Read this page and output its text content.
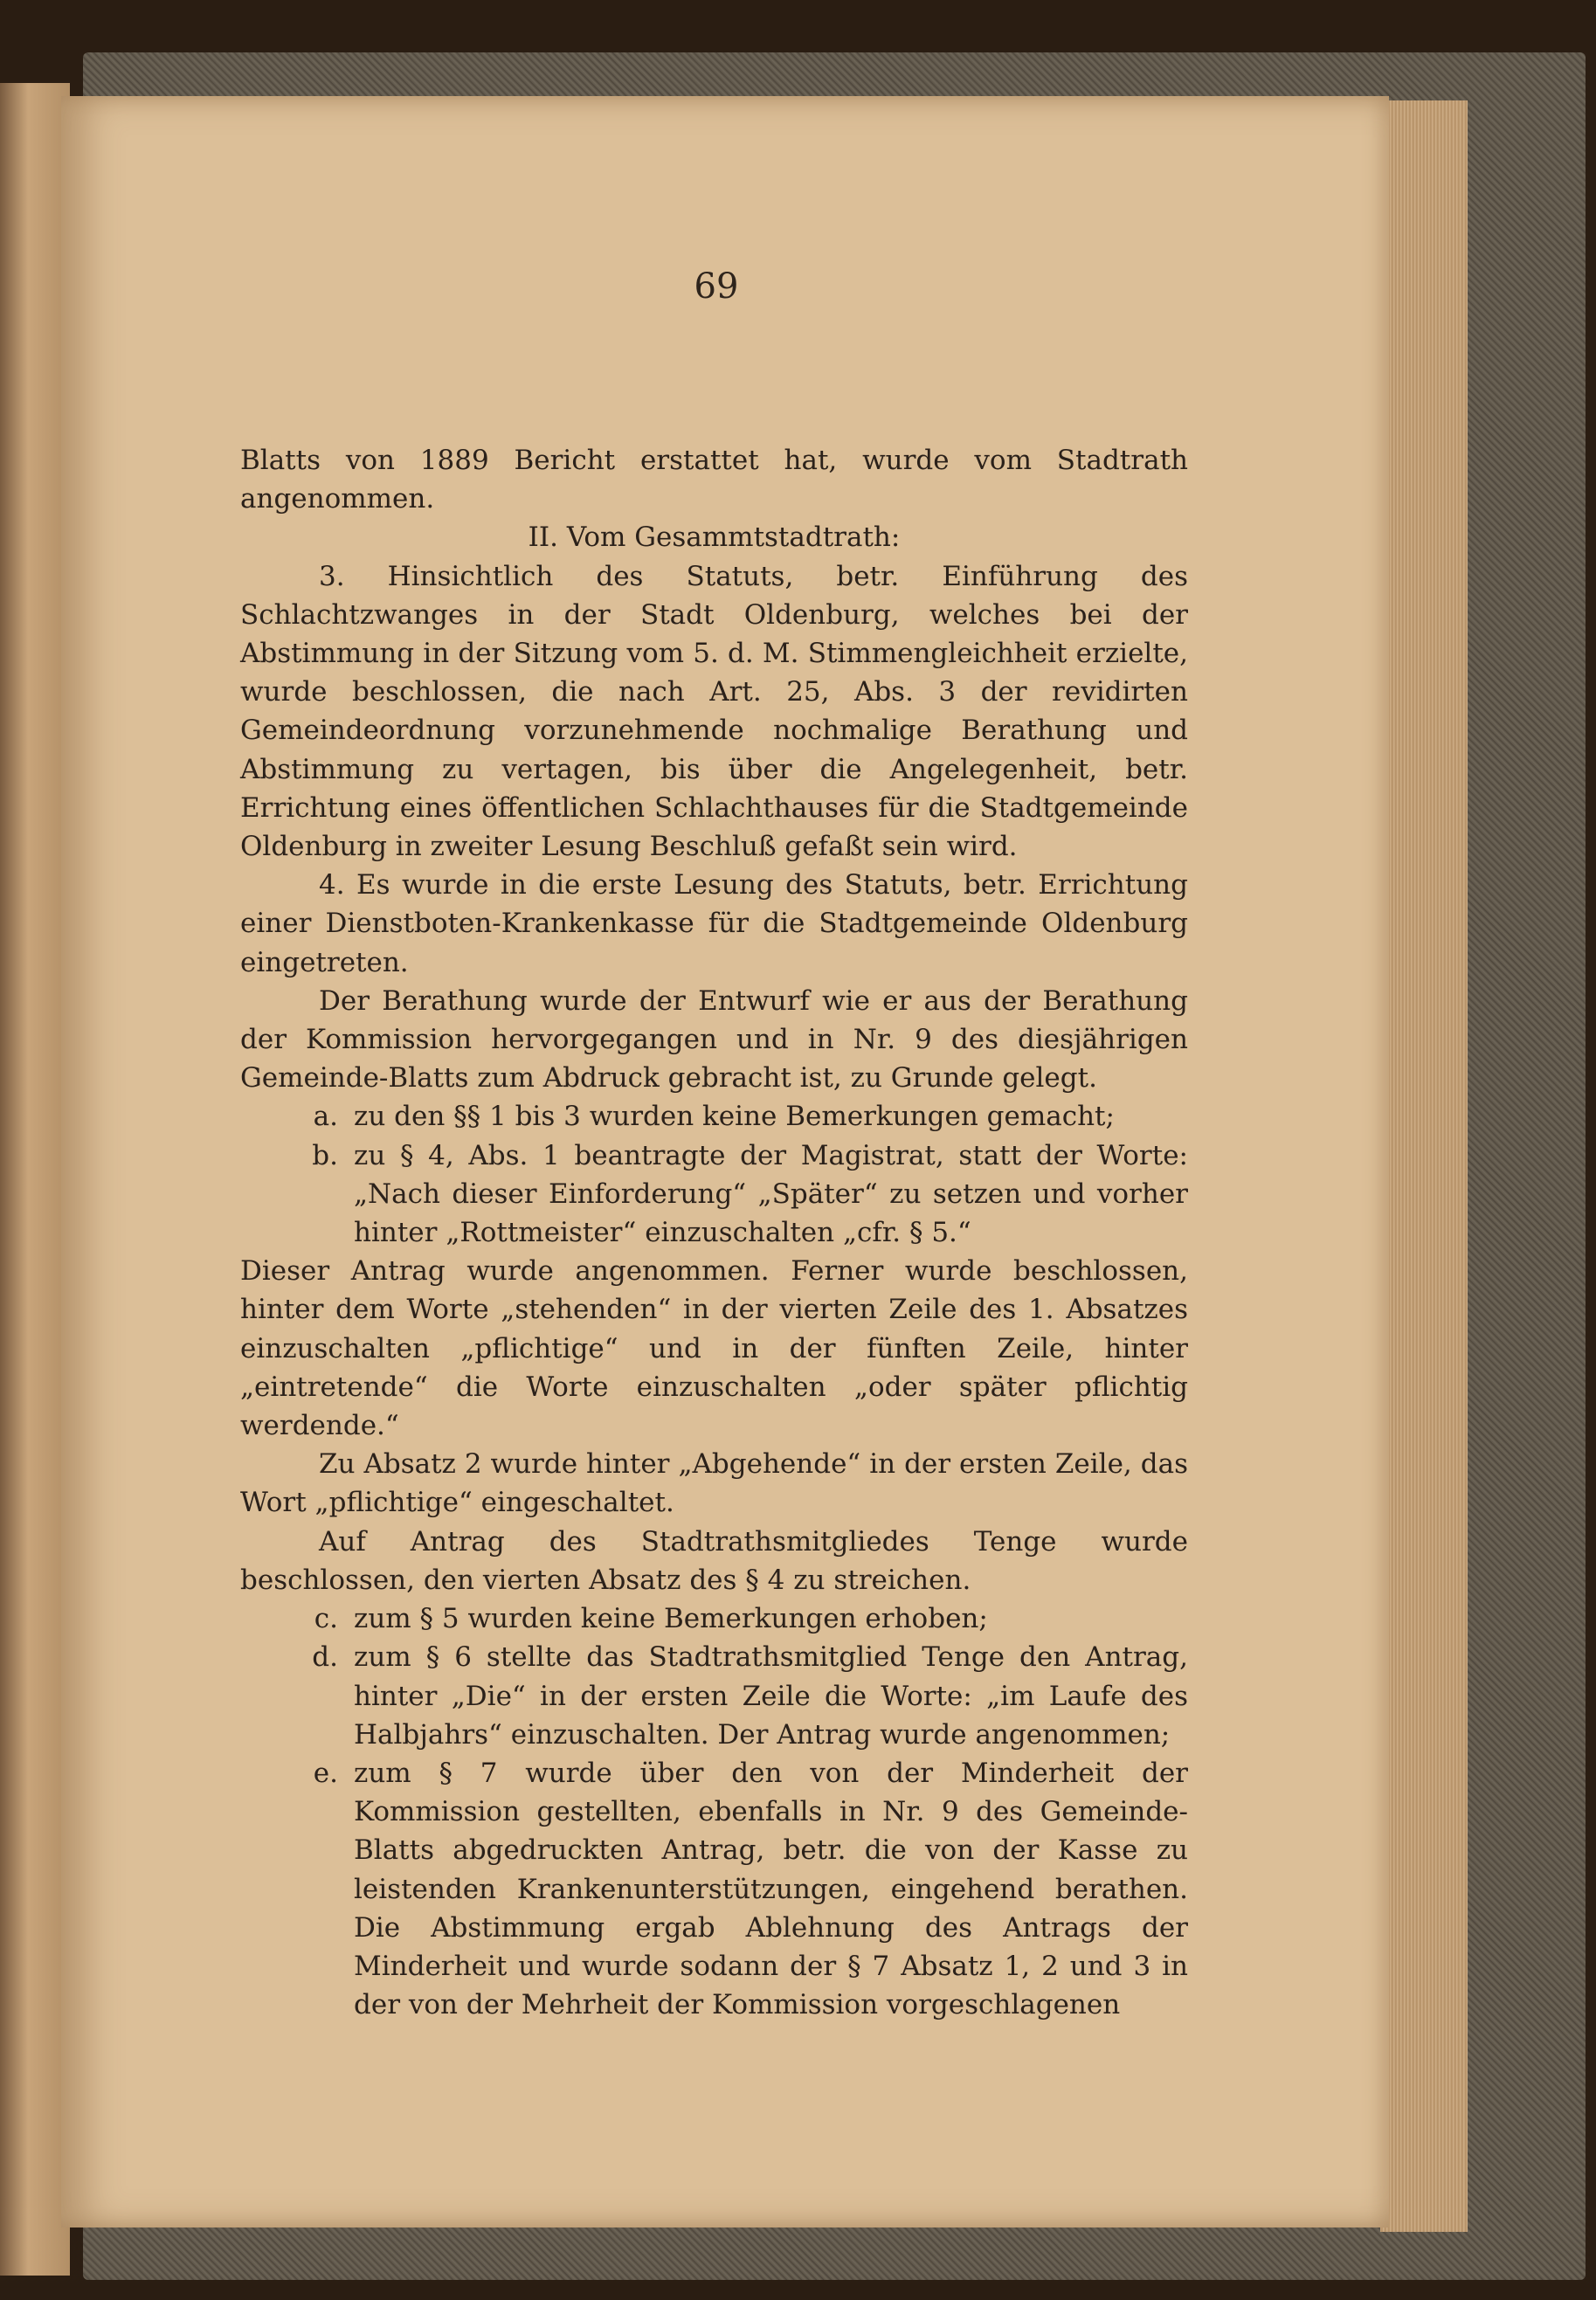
69

Blatts von 1889 Bericht erstattet hat, wurde vom Stadtrath angenommen.

II. Vom Gesammtstadtrath:

3. Hinsichtlich des Statuts, betr. Einführung des Schlachtzwanges in der Stadt Oldenburg, welches bei der Abstimmung in der Sitzung vom 5. d. M. Stimmengleichheit erzielte, wurde beschlossen, die nach Art. 25, Abs. 3 der revidirten Gemeindeordnung vorzunehmende nochmalige Berathung und Abstimmung zu vertagen, bis über die Angelegenheit, betr. Errichtung eines öffentlichen Schlachthauses für die Stadtgemeinde Oldenburg in zweiter Lesung Beschluß gefaßt sein wird.

4. Es wurde in die erste Lesung des Statuts, betr. Errichtung einer Dienstboten-Krankenkasse für die Stadtgemeinde Oldenburg eingetreten.

Der Berathung wurde der Entwurf wie er aus der Berathung der Kommission hervorgegangen und in Nr. 9 des diesjährigen Gemeinde-Blatts zum Abdruck gebracht ist, zu Grunde gelegt.

a. zu den §§ 1 bis 3 wurden keine Bemerkungen gemacht;
b. zu § 4, Abs. 1 beantragte der Magistrat, statt der Worte: „Nach dieser Einforderung“ „Später“ zu setzen und vorher hinter „Rottmeister“ einzuschalten „cfr. § 5.“

Dieser Antrag wurde angenommen. Ferner wurde beschlossen, hinter dem Worte „stehenden“ in der vierten Zeile des 1. Absatzes einzuschalten „pflichtige“ und in der fünften Zeile, hinter „eintretende“ die Worte einzuschalten „oder später pflichtig werdende.“

Zu Absatz 2 wurde hinter „Abgehende“ in der ersten Zeile, das Wort „pflichtige“ eingeschaltet.

Auf Antrag des Stadtrathsmitgliedes Tenge wurde beschlossen, den vierten Absatz des § 4 zu streichen.

c. zum § 5 wurden keine Bemerkungen erhoben;
d. zum § 6 stellte das Stadtrathsmitglied Tenge den Antrag, hinter „Die“ in der ersten Zeile die Worte: „im Laufe des Halbjahrs“ einzuschalten. Der Antrag wurde angenommen;
e. zum § 7 wurde über den von der Minderheit der Kommission gestellten, ebenfalls in Nr. 9 des Gemeinde-Blatts abgedruckten Antrag, betr. die von der Kasse zu leistenden Krankenunterstützungen, eingehend berathen. Die Abstimmung ergab Ablehnung des Antrags der Minderheit und wurde sodann der § 7 Absatz 1, 2 und 3 in der von der Mehrheit der Kommission vorgeschlagenen
